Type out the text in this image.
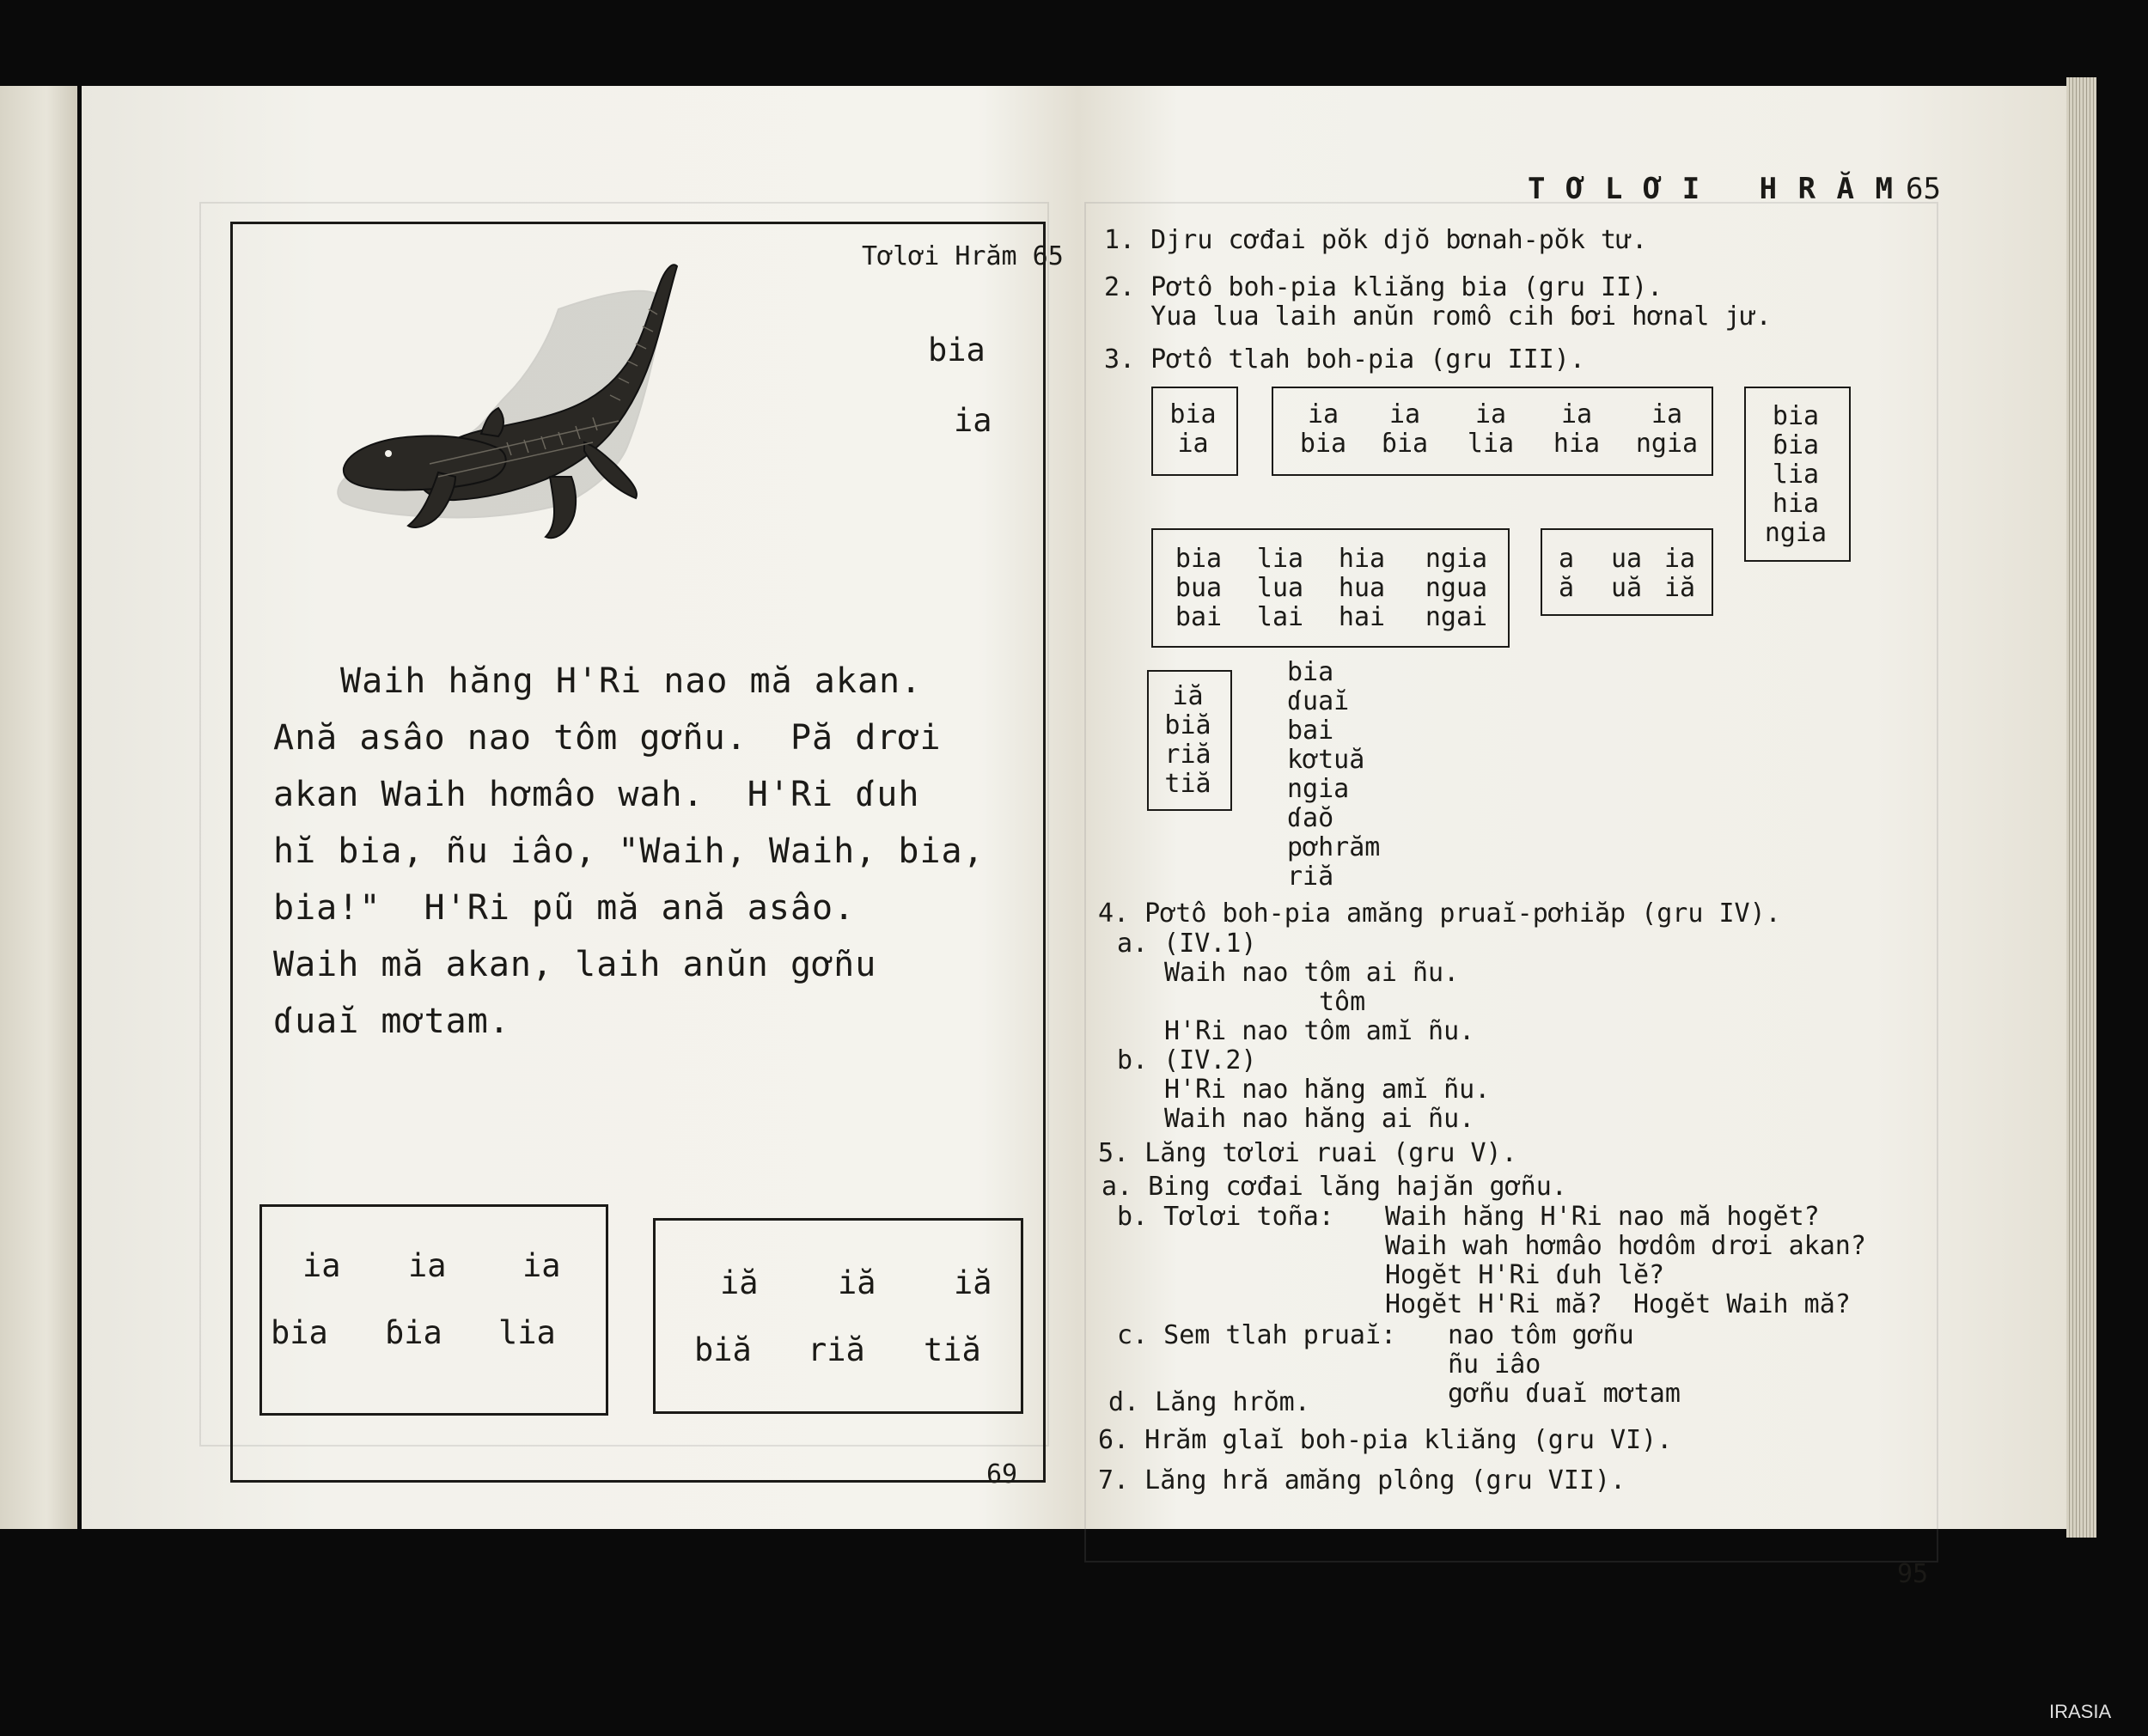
Tơlơi Hrăm 65
bia
ia
Waih hăng H'Ri nao mă akan.
Ană asâo nao tôm gơñu.  Pă drơi
akan Waih hơmâo wah.  H'Ri ɗuh
hĭ bia, ñu iâo, "Waih, Waih, bia,
bia!"  H'Ri pũ mă ană asâo.
Waih mă akan, laih anŭn gơñu
ɗuaĭ mơtam.
ia ia ia
bia ɓia lia
iă iă iă
biă riă tiă
69
T Ơ L Ơ I   H R Ă M 65
1. Djru cơđai pŏk djŏ bơnah-pŏk tư.
2. Pơtô boh-pia kliăng bia (gru II).
Yua lua laih anŭn romô cih ɓơi hơnal jư.
3. Pơtô tlah boh-pia (gru III).
bia
ia
ia	ia	ia	ia	ia
bia	ɓia	lia	hia	ngia
bia
ɓia
lia
hia
ngia
bia	lia	hia	ngia
bua	lua	hua	ngua
bai	lai	hai	ngai
a	ua ia
ă	uă iă
iă
biă
riă
tiă
bia
ɗuaĭ
bai
kơtuă
ngia
ɗaŏ
pơhrăm
riă
4. Pơtô boh-pia amăng pruaĭ-pơhiăp (gru IV).
a. (IV.1)
Waih nao tôm ai ñu.
tôm
H'Ri nao tôm amĭ ñu.
b. (IV.2)
H'Ri nao hăng amĭ ñu.
Waih nao hăng ai ñu.
5. Lăng tơlơi ruai (gru V).
a. Bing cơđai lăng hajăn gơñu.
b. Tơlơi toña: Waih hăng H'Ri nao mă hogĕt?
Waih wah hơmâo hơdôm drơi akan?
Hogĕt H'Ri ɗuh lĕ?
Hogĕt H'Ri mă?  Hogĕt Waih mă?
c. Sem tlah pruaĭ: nao tôm gơñu
ñu iâo
gơñu ɗuaĭ mơtam
d. Lăng hrŏm.
6. Hrăm glaĭ boh-pia kliăng (gru VI).
7. Lăng hră amăng plông (gru VII).
95
IRASIA
